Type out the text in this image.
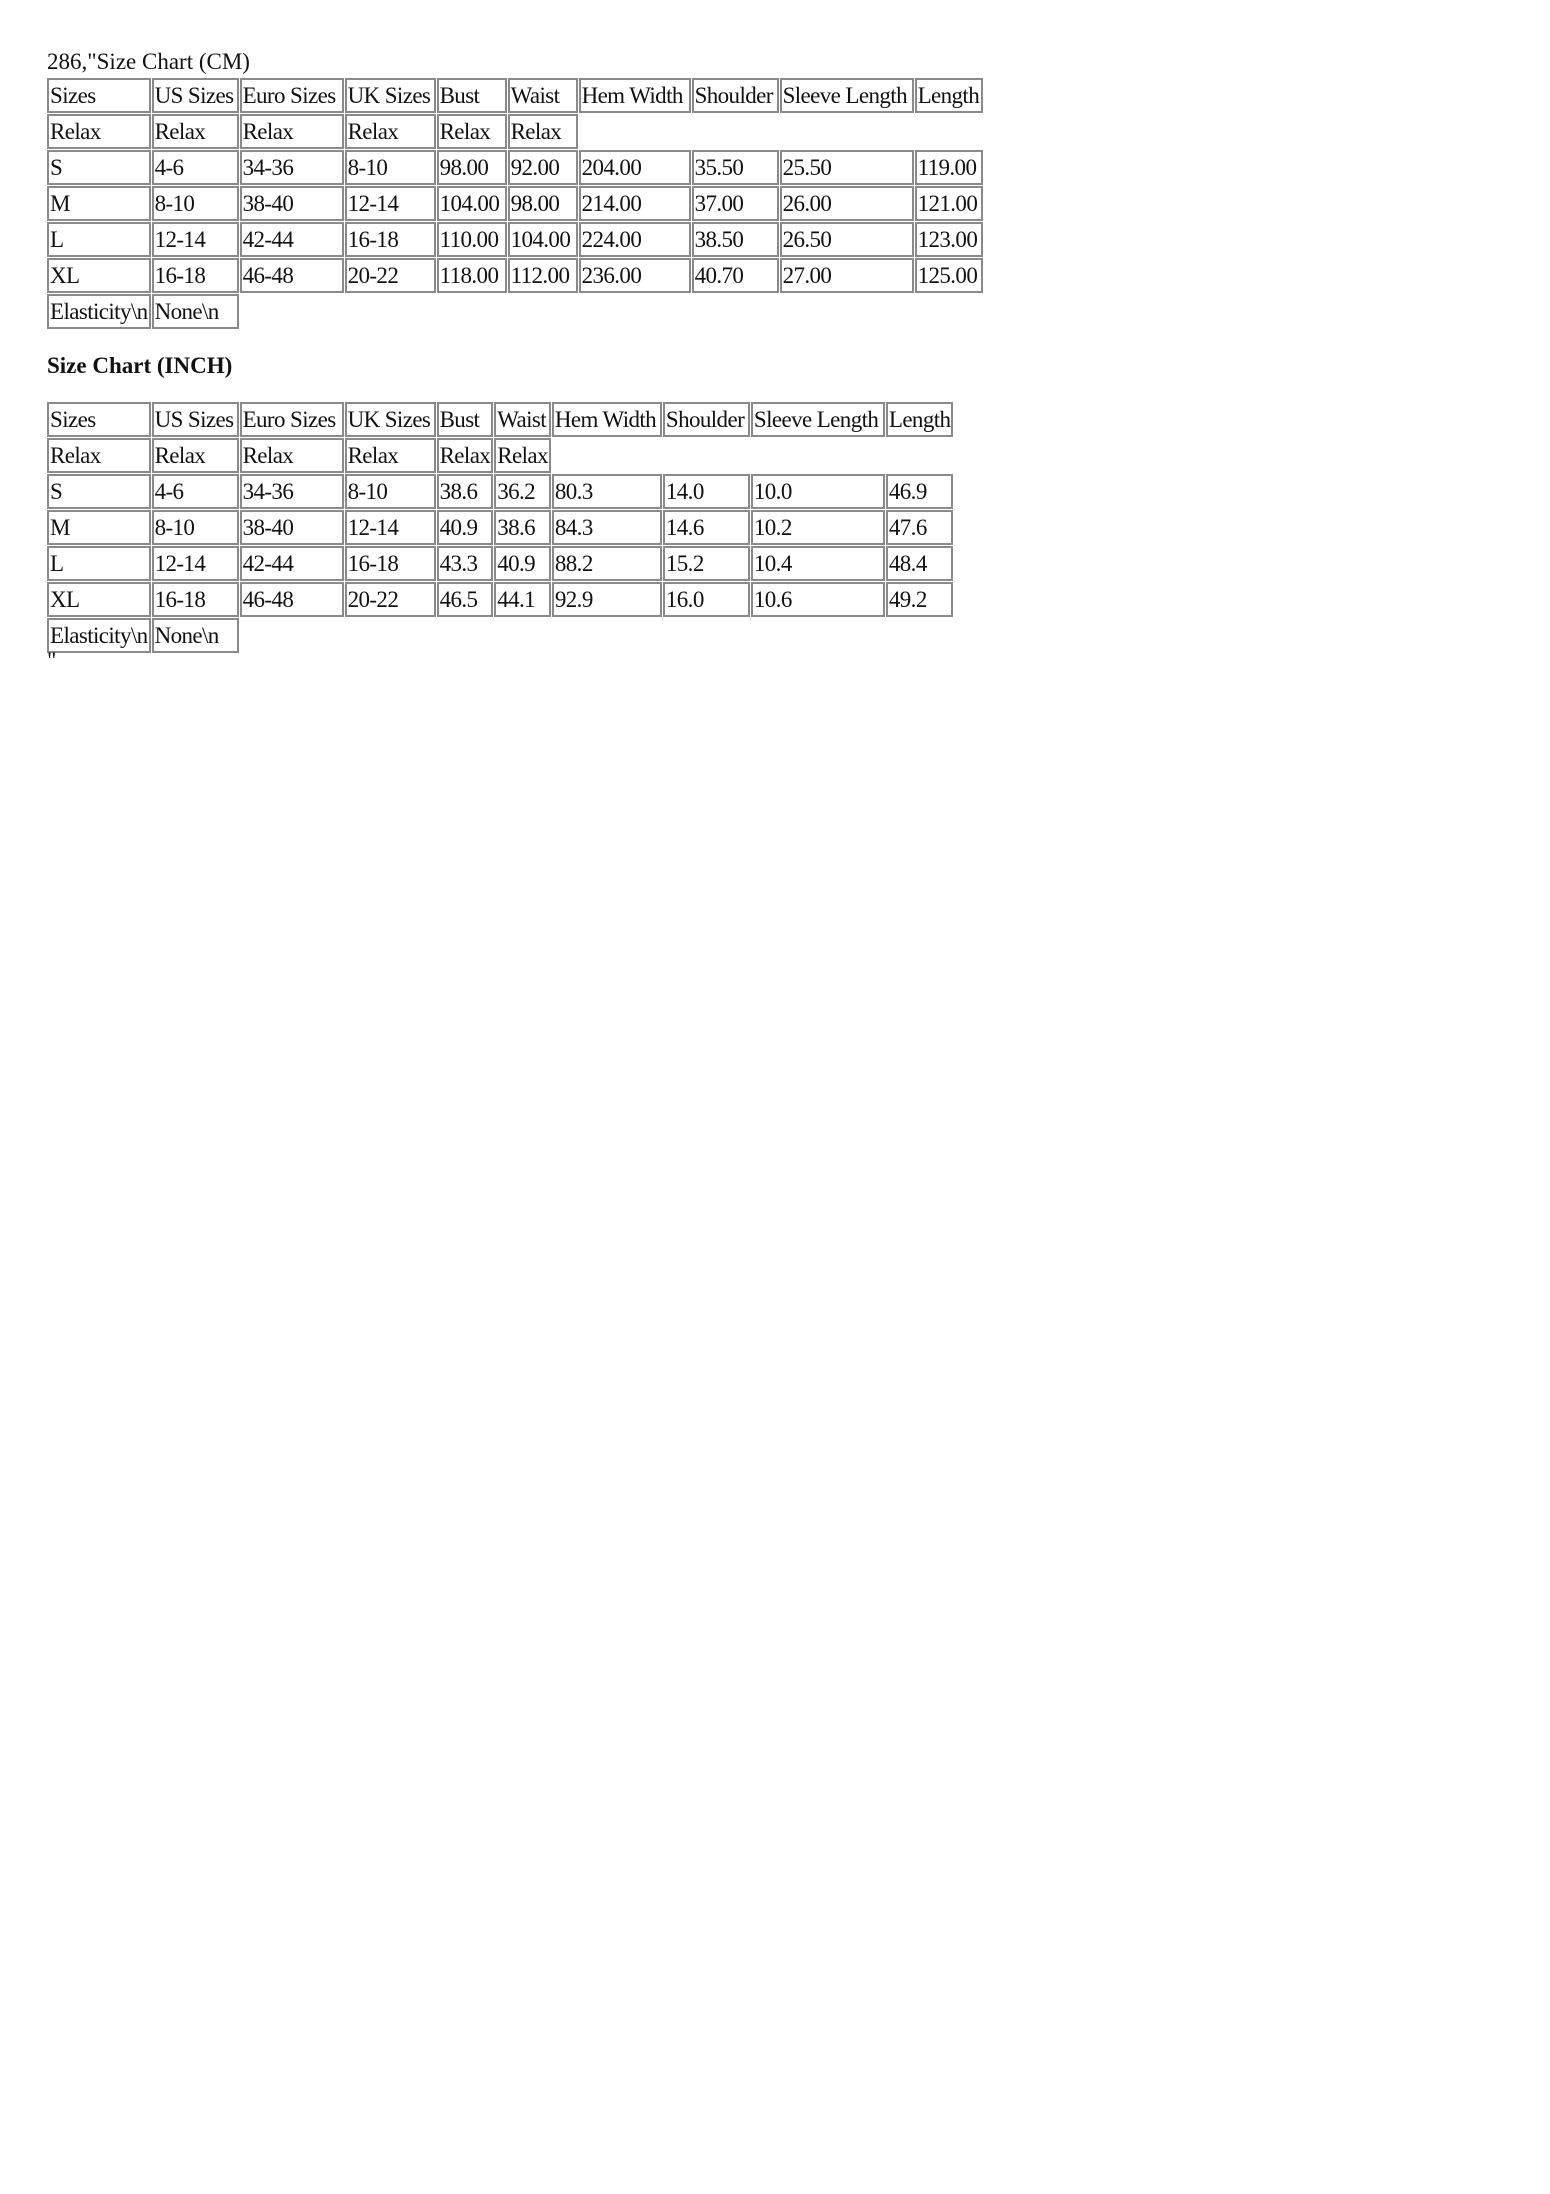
286,"Size Chart (CM)
Sizes	US Sizes	Euro Sizes	UK Sizes	Bust	Waist	Hem Width	Shoulder	Sleeve Length	Length
Relax	Relax	Relax	Relax	Relax	Relax				
S	4-6	34-36	8-10	98.00	92.00	204.00	35.50	25.50	119.00
M	8-10	38-40	12-14	104.00	98.00	214.00	37.00	26.00	121.00
L	12-14	42-44	16-18	110.00	104.00	224.00	38.50	26.50	123.00
XL	16-18	46-48	20-22	118.00	112.00	236.00	40.70	27.00	125.00
Elasticity\n	None\n								
Size Chart (INCH)
Sizes	US Sizes	Euro Sizes	UK Sizes	Bust	Waist	Hem Width	Shoulder	Sleeve Length	Length
Relax	Relax	Relax	Relax	Relax	Relax				
S	4-6	34-36	8-10	38.6	36.2	80.3	14.0	10.0	46.9
M	8-10	38-40	12-14	40.9	38.6	84.3	14.6	10.2	47.6
L	12-14	42-44	16-18	43.3	40.9	88.2	15.2	10.4	48.4
XL	16-18	46-48	20-22	46.5	44.1	92.9	16.0	10.6	49.2
Elasticity\n	None\n								
"
